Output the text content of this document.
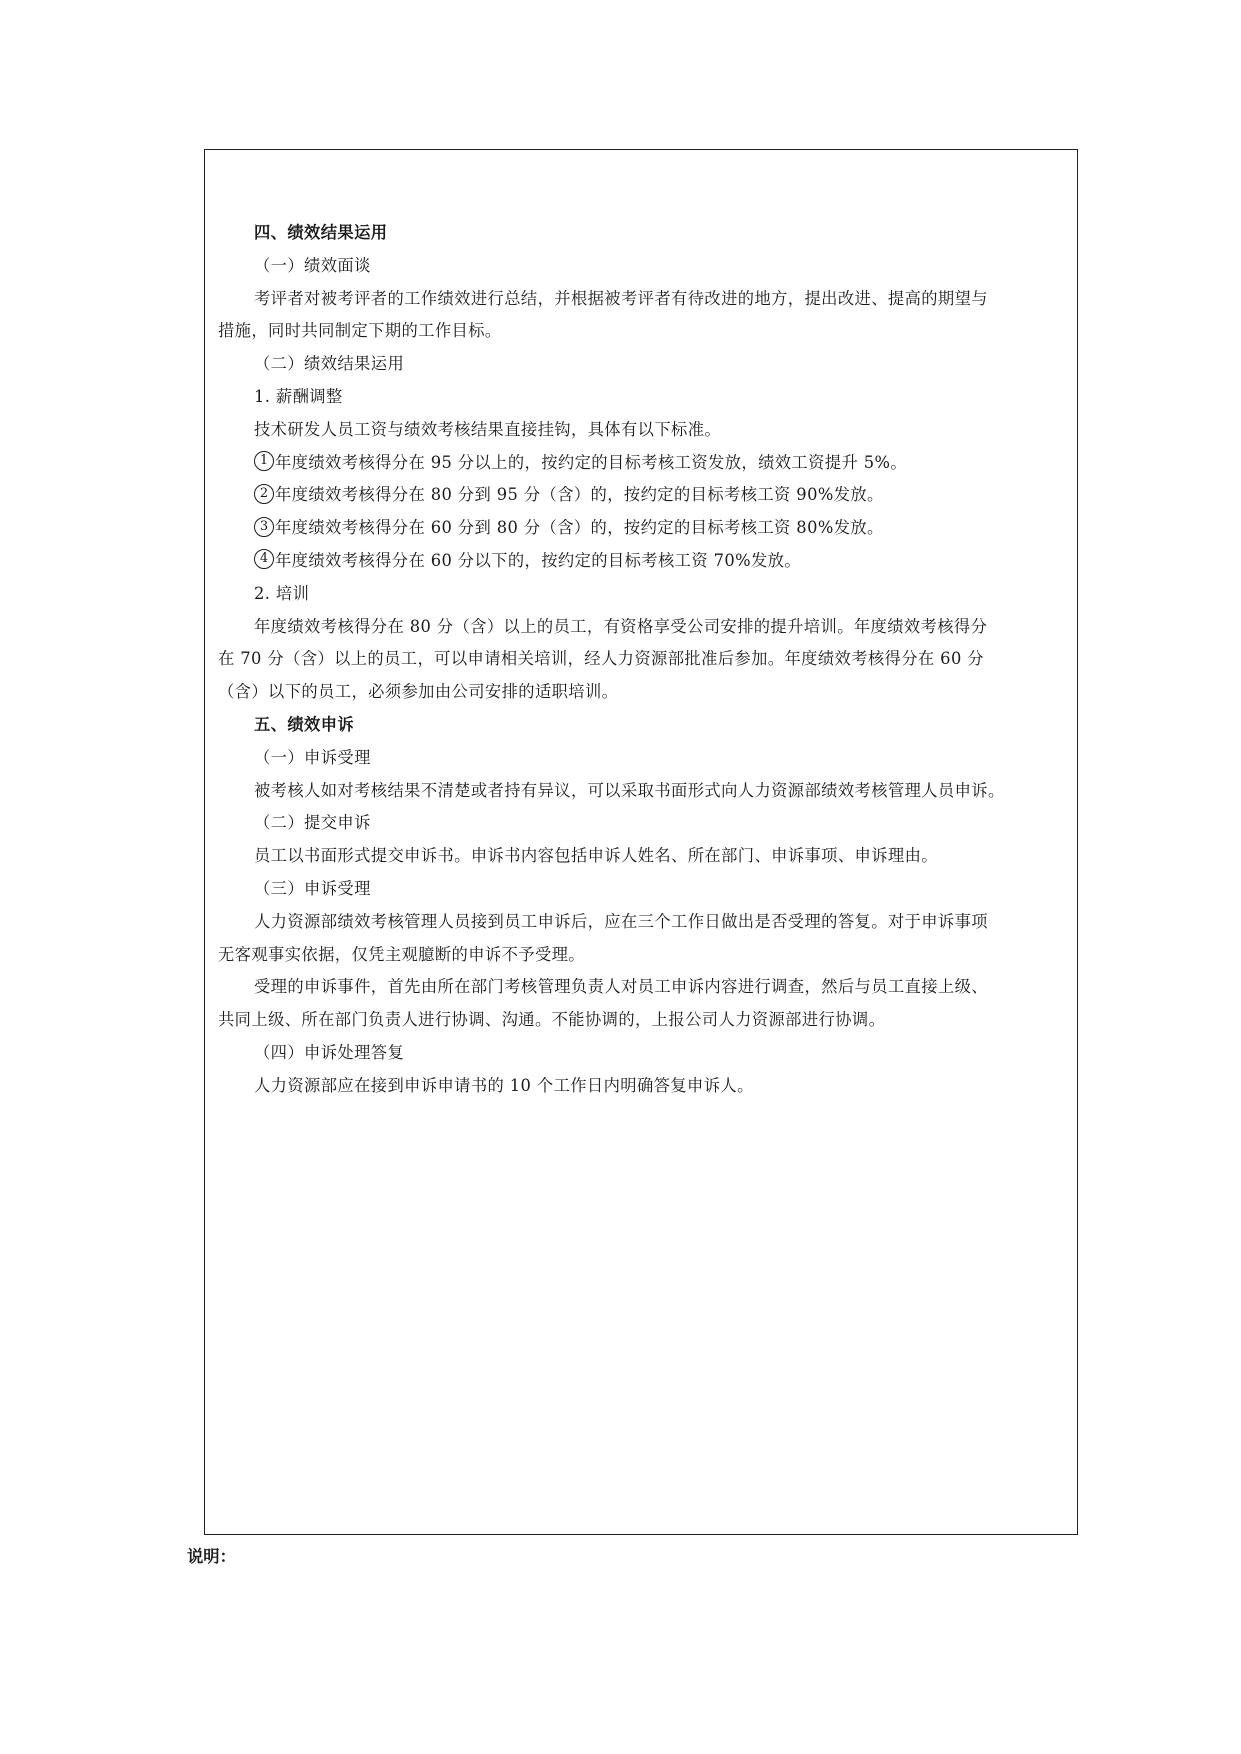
四、绩效结果运用

（一）绩效面谈

考评者对被考评者的工作绩效进行总结，并根据被考评者有待改进的地方，提出改进、提高的期望与

措施，同时共同制定下期的工作目标。

（二）绩效结果运用

1. 薪酬调整

技术研发人员工资与绩效考核结果直接挂钩，具体有以下标准。

1 年度绩效考核得分在 95 分以上的，按约定的目标考核工资发放，绩效工资提升 5%。

2 年度绩效考核得分在 80 分到 95 分（含）的，按约定的目标考核工资 90%发放。

3 年度绩效考核得分在 60 分到 80 分（含）的，按约定的目标考核工资 80%发放。

4 年度绩效考核得分在 60 分以下的，按约定的目标考核工资 70%发放。

2. 培训

年度绩效考核得分在 80 分（含）以上的员工，有资格享受公司安排的提升培训。年度绩效考核得分

在 70 分（含）以上的员工，可以申请相关培训，经人力资源部批准后参加。年度绩效考核得分在 60 分

（含）以下的员工，必须参加由公司安排的适职培训。

五、绩效申诉

（一）申诉受理

被考核人如对考核结果不清楚或者持有异议，可以采取书面形式向人力资源部绩效考核管理人员申诉。

（二）提交申诉

员工以书面形式提交申诉书。申诉书内容包括申诉人姓名、所在部门、申诉事项、申诉理由。

（三）申诉受理

人力资源部绩效考核管理人员接到员工申诉后，应在三个工作日做出是否受理的答复。对于申诉事项

无客观事实依据，仅凭主观臆断的申诉不予受理。

受理的申诉事件，首先由所在部门考核管理负责人对员工申诉内容进行调查，然后与员工直接上级、

共同上级、所在部门负责人进行协调、沟通。不能协调的，上报公司人力资源部进行协调。

（四）申诉处理答复

人力资源部应在接到申诉申请书的 10 个工作日内明确答复申诉人。

说明：
